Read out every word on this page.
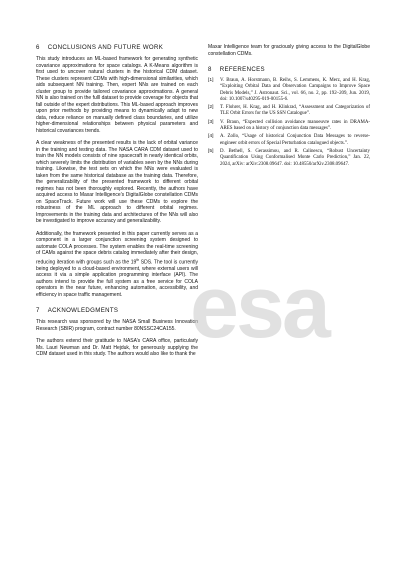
6 CONCLUSIONS AND FUTURE WORK

This study introduces an ML-based framework for generating synthetic covariance approximations for space catalogs. A K-Means algorithm is first used to uncover natural clusters in the historical CDM dataset. These clusters represent CDMs with high-dimensional similarities, which aids subsequent NN training. Then, expert NNs are trained on each cluster group to provide tailored covariance approximations. A general NN is also trained on the fulll dataset to provide coverage for objects that fall outside of the expert distributions. This ML-based approach improves upon prior methods by providing means to dynamically adapt to new data, reduce reliance on manually defined class boundaries, and utilize higher-dimensional relationships between physical parameters and historical covariances trends.

A clear weakness of the presented results is the lack of orbital variance in the training and testing data. The NASA CARA CDM dataset used to train the NN models consists of nine spacecraft in nearly identical orbits, which severely limits the distribution of variables seen by the NNs during training. Likewise, the test sets on which the NNs were evaluated is taken from the same historical database as the training data. Therefore, the generalizability of the presented framework to different orbital regimes has not been thoroughly explored. Recently, the authors have acquired access to Maxar Intelligence’s DigitalGlobe constellation CDMs on SpaceTrack. Future work will use these CDMs to explore the robustness of the ML approach to different orbital regimes. Improvements in the training data and architectures of the NNs will also be investigated to improve accuracy and generalizability.

Additionally, the framework presented in this paper currently serves as a component in a larger conjunction screening system designed to automate COLA processes. The system enables the real-time screening of CAMs against the space debris catalog immediately after their design, reducing iteration with groups such as the 19th SDS. The tool is currently being deployed to a cloud-based environment, where external users will access it via a simple application programming interface (API). The authors intend to provide the full system as a free service for COLA operators in the near future, enhancing automation, accessibility, and efficiency in space traffic management.

7 ACKNOWLEDGMENTS

This research was sponsored by the NASA Small Business Innovation Research (SBIR) program, contract number 80NSSC24CA155.

The authors extend their gratitude to NASA’s CARA office, particularly Ms. Lauri Newman and Dr. Matt Hejduk, for generously supplying the CDM dataset used in this study. The authors would also like to thank the

Maxar Intelligence team for graciously giving access to the DigitalGlobe constellation CDMs.

8 REFERENCES
[1]	V. Braun, A. Horstmann, B. Reihs, S. Lemmens, K. Merz, and H. Krag, “Exploiting Orbital Data and Observation Campaigns to Improve Space Debris Models,” J. Astronaut. Sci., vol. 66, no. 2, pp. 192–209, Jun. 2019, doi: 10.1007/s40295-019-00155-6.
[2]	T. Flohrer, H. Krag, and H. Klinkrad, “Assessment and Categorization of TLE Orbit Errors for the US SSN Catalogue”.
[3]	V. Braun, “Expected collision avoidance manoeuvre rates in DRAMA-ARES based on a history of conjunction data messages”.
[4]	A. Zollo, “Usage of historical Conjunction Data Messages to reverse-engineer orbit errors of Special Perturbation catalogued objects.”.
[5]	D. Bethell, S. Gerassimou, and R. Calinescu, “Robust Uncertainty Quantification Using Conformalised Monte Carlo Prediction,” Jan. 22, 2024, arXiv: arXiv:2308.09647. doi: 10.48550/arXiv.2308.09647.
esa
